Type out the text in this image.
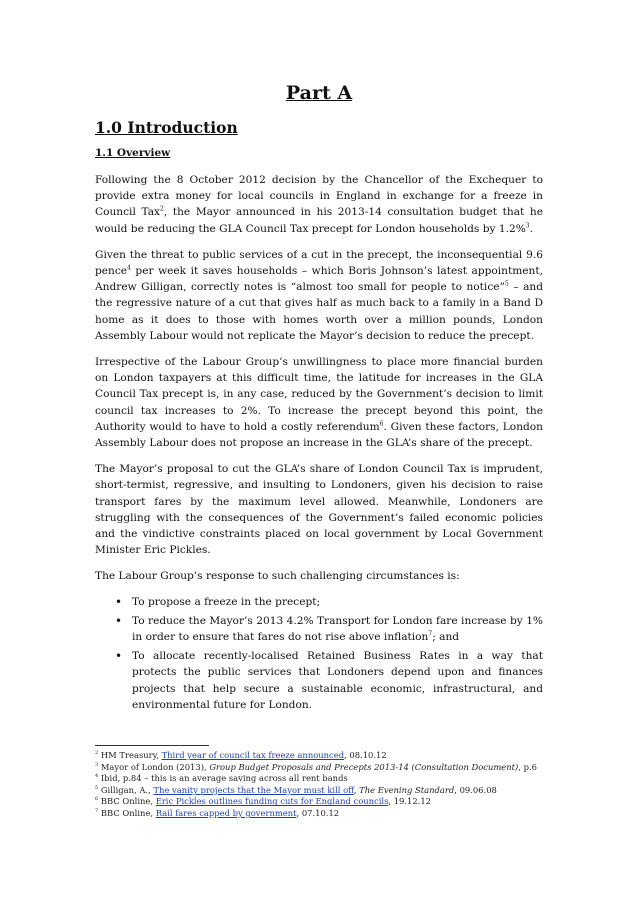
Part A
1.0 Introduction
1.1 Overview

Following the 8 October 2012 decision by the Chancellor of the Exchequer to provide extra money for local councils in England in exchange for a freeze in Council Tax$^2$, the Mayor announced in his 2013-14 consultation budget that he would be reducing the GLA Council Tax precept for London households by 1.2%$^3$.

Given the threat to public services of a cut in the precept, the inconsequential 9.6 pence$^4$ per week it saves households – which Boris Johnson’s latest appointment, Andrew Gilligan, correctly notes is “almost too small for people to notice”$^5$ – and the regressive nature of a cut that gives half as much back to a family in a Band D home as it does to those with homes worth over a million pounds, London Assembly Labour would not replicate the Mayor’s decision to reduce the precept.

Irrespective of the Labour Group’s unwillingness to place more financial burden on London taxpayers at this difficult time, the latitude for increases in the GLA Council Tax precept is, in any case, reduced by the Government’s decision to limit council tax increases to 2%. To increase the precept beyond this point, the Authority would to have to hold a costly referendum$^6$. Given these factors, London Assembly Labour does not propose an increase in the GLA’s share of the precept.

The Mayor’s proposal to cut the GLA’s share of London Council Tax is imprudent, short-termist, regressive, and insulting to Londoners, given his decision to raise transport fares by the maximum level allowed. Meanwhile, Londoners are struggling with the consequences of the Government’s failed economic policies and the vindictive constraints placed on local government by Local Government Minister Eric Pickles.

The Labour Group’s response to such challenging circumstances is:

• To propose a freeze in the precept;
• To reduce the Mayor’s 2013 4.2% Transport for London fare increase by 1% in order to ensure that fares do not rise above inflation$^7$; and
• To allocate recently-localised Retained Business Rates in a way that protects the public services that Londoners depend upon and finances projects that help secure a sustainable economic, infrastructural, and environmental future for London.

$^2$ HM Treasury, Third year of council tax freeze announced, 08.10.12

$^3$ Mayor of London (2013), Group Budget Proposals and Precepts 2013-14 (Consultation Document), p.6

$^4$ Ibid, p.84 – this is an average saving across all rent bands

$^5$ Gilligan, A., The vanity projects that the Mayor must kill off, The Evening Standard, 09.06.08

$^6$ BBC Online, Eric Pickles outlines funding cuts for England councils, 19.12.12

$^7$ BBC Online, Rail fares capped by government, 07.10.12
